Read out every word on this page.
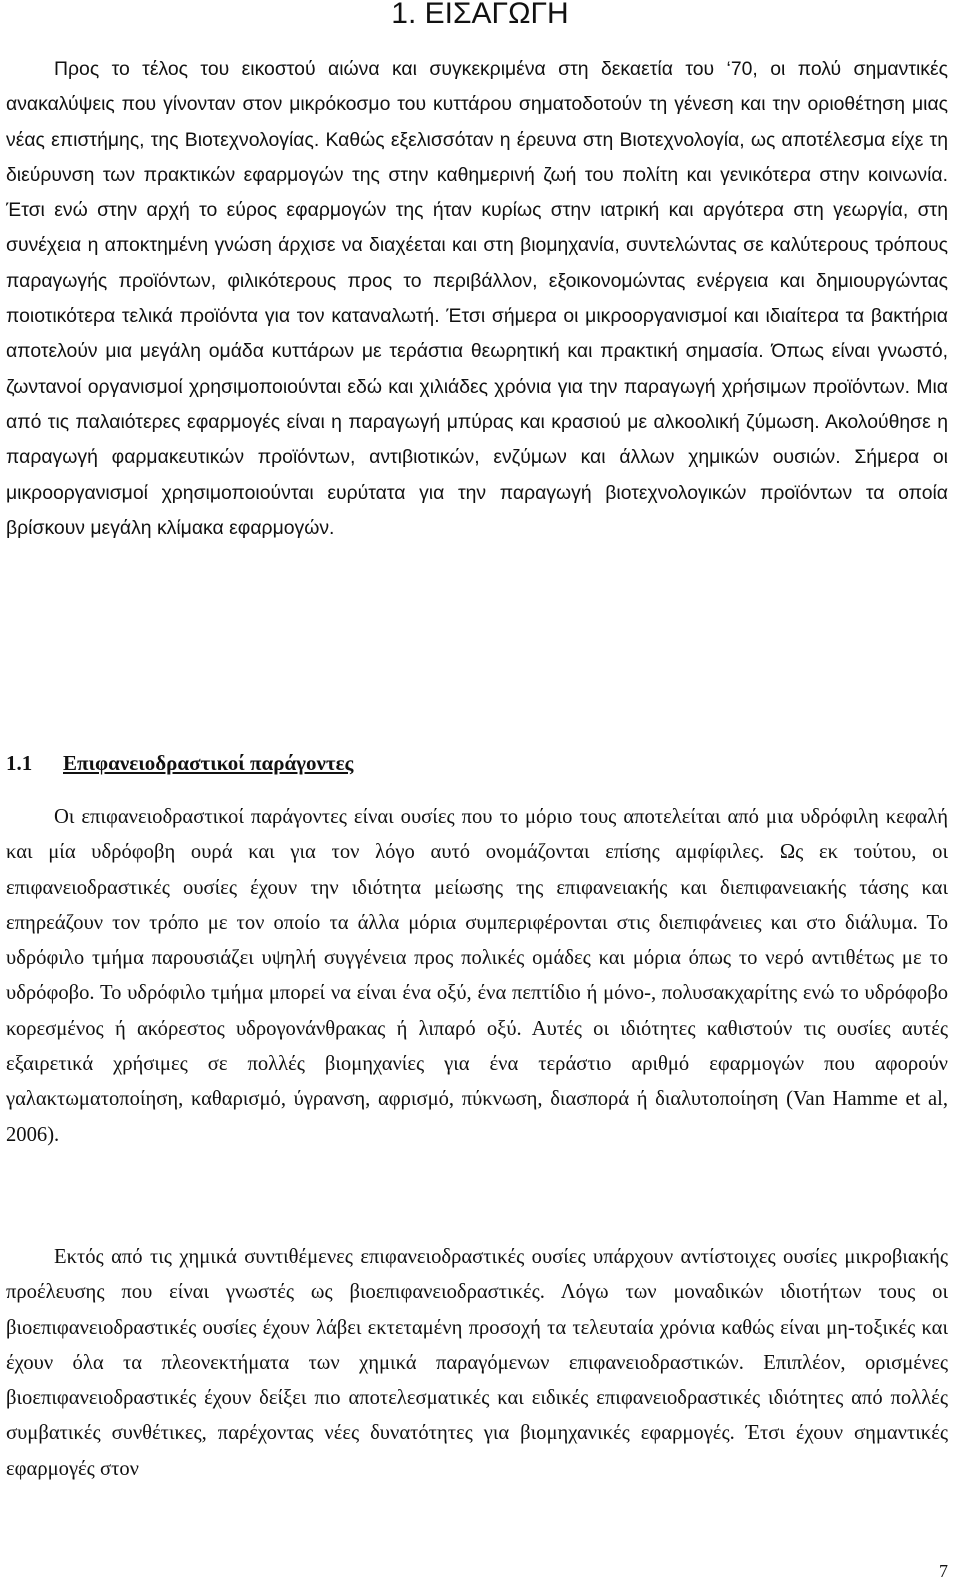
1. ΕΙΣΑΓΩΓΗ

Προς το τέλος του εικοστού αιώνα και συγκεκριμένα στη δεκαετία του ‘70, οι πολύ σημαντικές ανακαλύψεις που γίνονταν στον μικρόκοσμο του κυττάρου σηματοδοτούν τη γένεση και την οριοθέτηση μιας νέας επιστήμης, της Βιοτεχνολογίας. Καθώς εξελισσόταν η έρευνα στη Βιοτεχνολογία, ως αποτέλεσμα είχε τη διεύρυνση των πρακτικών εφαρμογών της στην καθημερινή ζωή του πολίτη και γενικότερα στην κοινωνία. Έτσι ενώ στην αρχή το εύρος εφαρμογών της ήταν κυρίως στην ιατρική και αργότερα στη γεωργία, στη συνέχεια η αποκτημένη γνώση άρχισε να διαχέεται και στη βιομηχανία, συντελώντας σε καλύτερους τρόπους παραγωγής προϊόντων, φιλικότερους προς το περιβάλλον, εξοικονομώντας ενέργεια και δημιουργώντας ποιοτικότερα τελικά προϊόντα για τον καταναλωτή. Έτσι σήμερα οι μικροοργανισμοί και ιδιαίτερα τα βακτήρια αποτελούν μια μεγάλη ομάδα κυττάρων με τεράστια θεωρητική και πρακτική σημασία. Όπως είναι γνωστό, ζωντανοί οργανισμοί χρησιμοποιούνται εδώ και χιλιάδες χρόνια για την παραγωγή χρήσιμων προϊόντων. Μια από τις παλαιότερες εφαρμογές είναι η παραγωγή μπύρας και κρασιού με αλκοολική ζύμωση. Ακολούθησε η παραγωγή φαρμακευτικών προϊόντων, αντιβιοτικών, ενζύμων και άλλων χημικών ουσιών. Σήμερα οι μικροοργανισμοί χρησιμοποιούνται ευρύτατα για την παραγωγή βιοτεχνολογικών προϊόντων τα οποία βρίσκουν μεγάλη κλίμακα εφαρμογών.

1.1 Επιφανειοδραστικοί παράγοντες

Οι επιφανειοδραστικοί παράγοντες είναι ουσίες που το μόριο τους αποτελείται από μια υδρόφιλη κεφαλή και μία υδρόφοβη ουρά και για τον λόγο αυτό ονομάζονται επίσης αμφίφιλες. Ως εκ τούτου, οι επιφανειοδραστικές ουσίες έχουν την ιδιότητα μείωσης της επιφανειακής και διεπιφανειακής τάσης και επηρεάζουν τον τρόπο με τον οποίο τα άλλα μόρια συμπεριφέρονται στις διεπιφάνειες και στο διάλυμα. Το υδρόφιλο τμήμα παρουσιάζει υψηλή συγγένεια προς πολικές ομάδες και μόρια όπως το νερό αντιθέτως με το υδρόφοβο. Το υδρόφιλο τμήμα μπορεί να είναι ένα οξύ, ένα πεπτίδιο ή μόνο-, πολυσακχαρίτης ενώ το υδρόφοβο κορεσμένος ή ακόρεστος υδρογονάνθρακας ή λιπαρό οξύ. Αυτές οι ιδιότητες καθιστούν τις ουσίες αυτές εξαιρετικά χρήσιμες σε πολλές βιομηχανίες για ένα τεράστιο αριθμό εφαρμογών που αφορούν γαλακτωματοποίηση, καθαρισμό, ύγρανση, αφρισμό, πύκνωση, διασπορά ή διαλυτοποίηση (Van Hamme et al, 2006).

Εκτός από τις χημικά συντιθέμενες επιφανειοδραστικές ουσίες υπάρχουν αντίστοιχες ουσίες μικροβιακής προέλευσης που είναι γνωστές ως βιοεπιφανειοδραστικές. Λόγω των μοναδικών ιδιοτήτων τους οι βιοεπιφανειοδραστικές ουσίες έχουν λάβει εκτεταμένη προσοχή τα τελευταία χρόνια καθώς είναι μη-τοξικές και έχουν όλα τα πλεονεκτήματα των χημικά παραγόμενων επιφανειοδραστικών. Επιπλέον, ορισμένες βιοεπιφανειοδραστικές έχουν δείξει πιο αποτελεσματικές και ειδικές επιφανειοδραστικές ιδιότητες από πολλές συμβατικές συνθέτικες, παρέχοντας νέες δυνατότητες για βιομηχανικές εφαρμογές. Έτσι έχουν σημαντικές εφαρμογές στον

7
